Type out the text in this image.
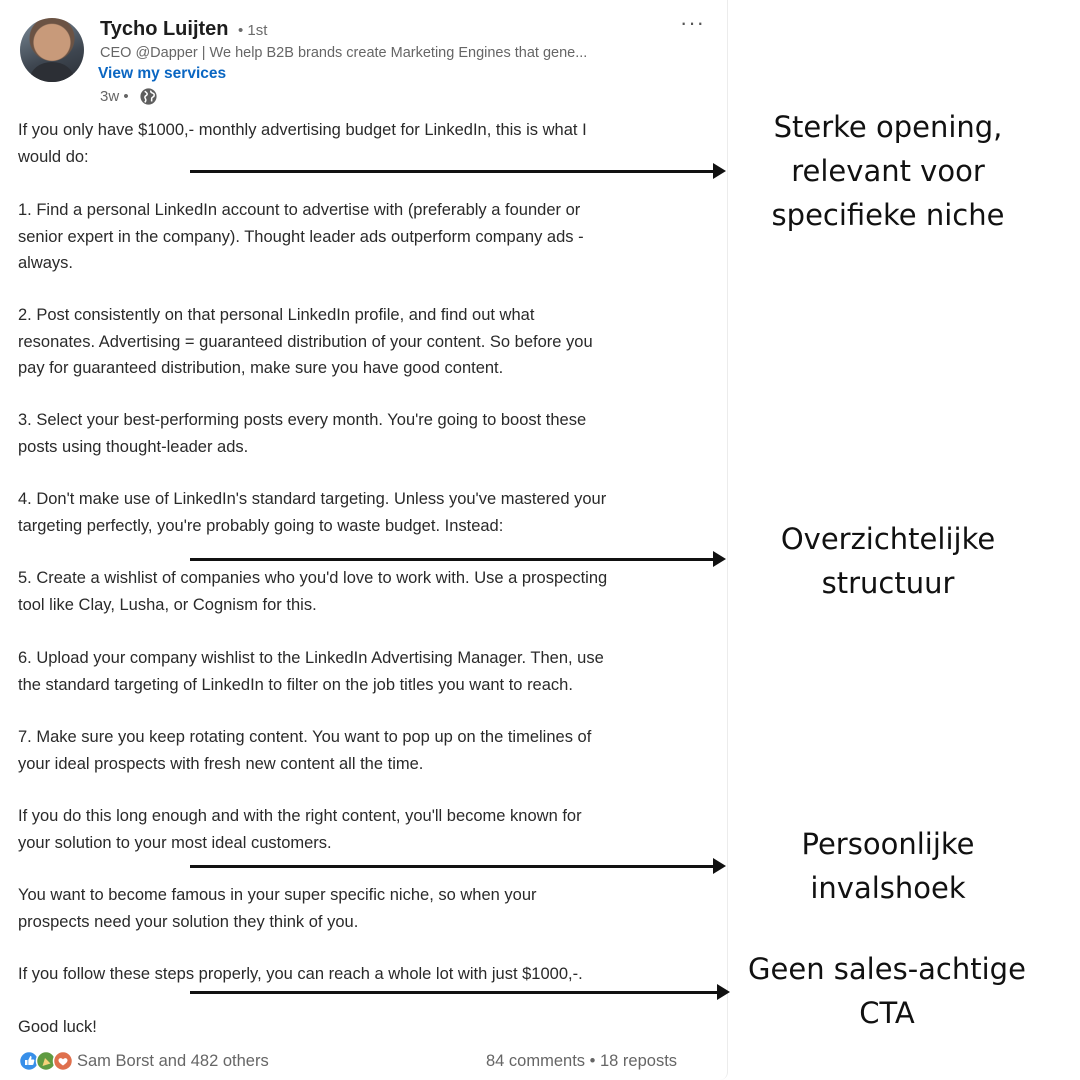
Tycho Luijten • 1st
CEO @Dapper | We help B2B brands create Marketing Engines that gene...
View my services
3w •
···
If you only have $1000,- monthly advertising budget for LinkedIn, this is what I
would do:
1. Find a personal LinkedIn account to advertise with (preferably a founder or
senior expert in the company). Thought leader ads outperform company ads -
always.
2. Post consistently on that personal LinkedIn profile, and find out what
resonates. Advertising = guaranteed distribution of your content. So before you
pay for guaranteed distribution, make sure you have good content.
3. Select your best-performing posts every month. You're going to boost these
posts using thought-leader ads.
4. Don't make use of LinkedIn's standard targeting. Unless you've mastered your
targeting perfectly, you're probably going to waste budget. Instead:
5. Create a wishlist of companies who you'd love to work with. Use a prospecting
tool like Clay, Lusha, or Cognism for this.
6. Upload your company wishlist to the LinkedIn Advertising Manager. Then, use
the standard targeting of LinkedIn to filter on the job titles you want to reach.
7. Make sure you keep rotating content. You want to pop up on the timelines of
your ideal prospects with fresh new content all the time.
If you do this long enough and with the right content, you'll become known for
your solution to your most ideal customers.
You want to become famous in your super specific niche, so when your
prospects need your solution they think of you.
If you follow these steps properly, you can reach a whole lot with just $1000,-.
Good luck!
Sam Borst and 482 others	84 comments • 18 reposts
Sterke opening,
relevant voor
specifieke niche
Overzichtelijke
structuur
Persoonlijke
invalshoek
Geen sales-achtige
CTA
